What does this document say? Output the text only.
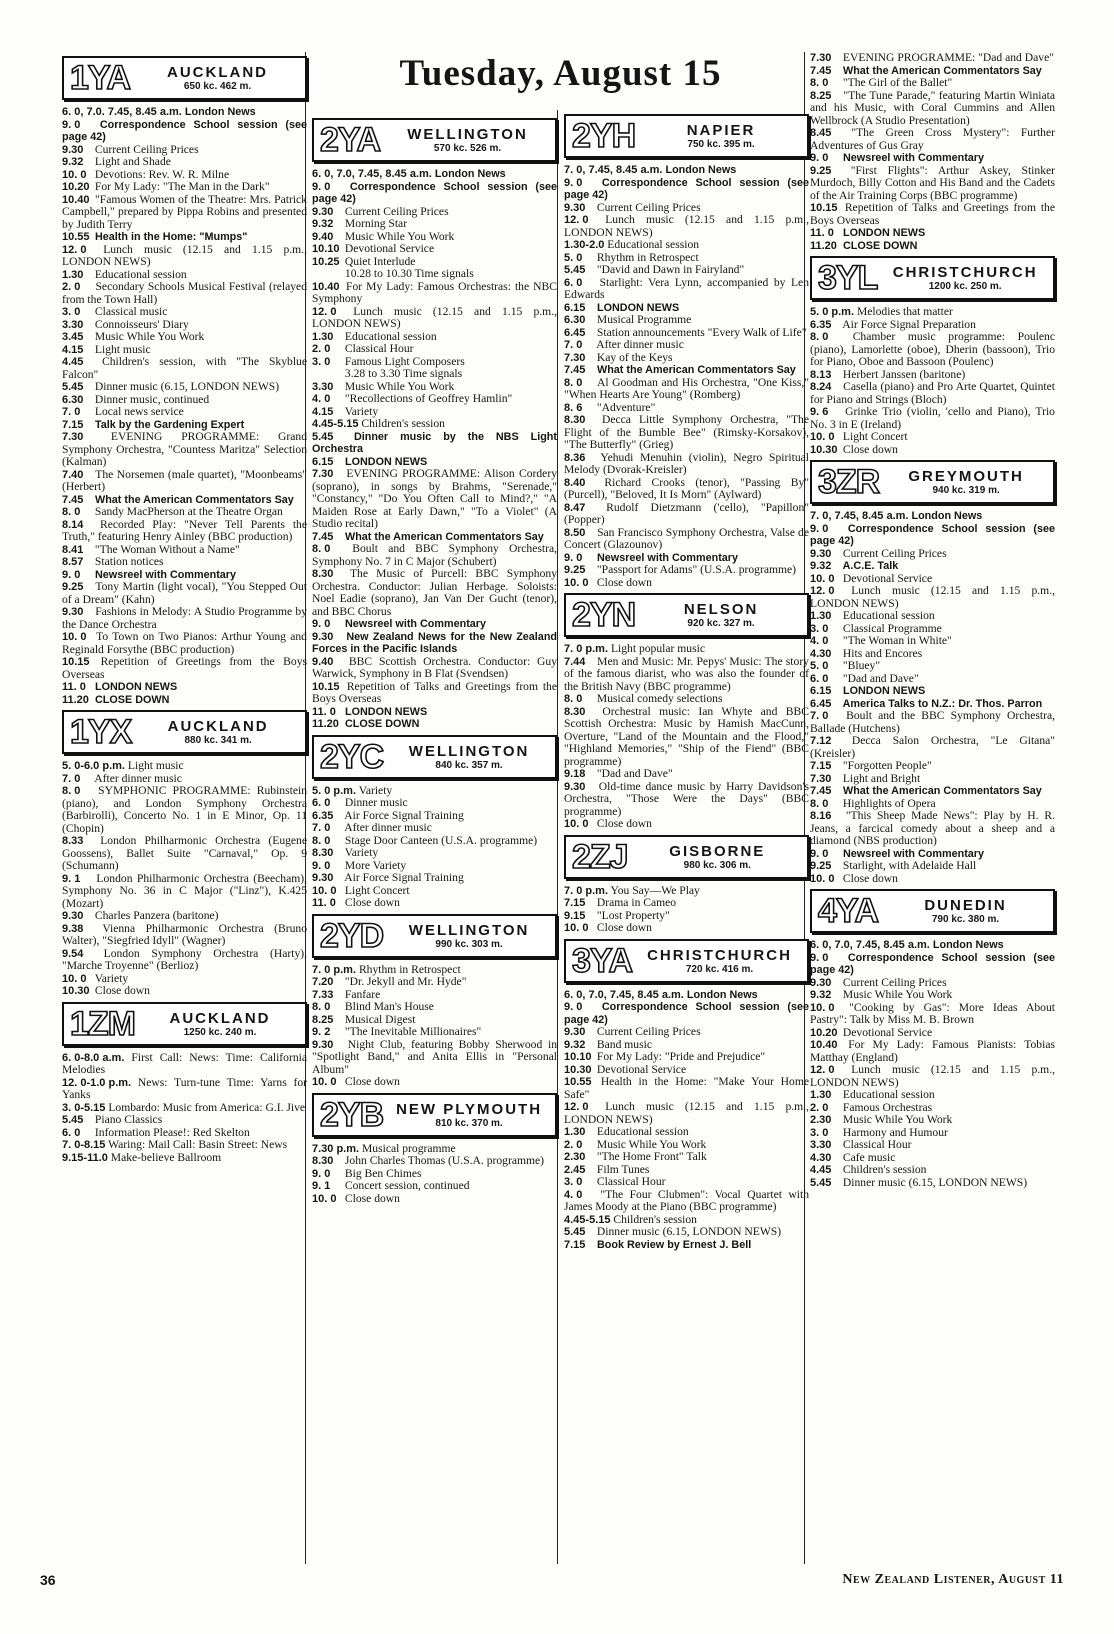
Tuesday, August 15
1YA	AUCKLAND
650 kc. 462 m.

6. 0, 7.0. 7.45, 8.45 a.m. London News

9. 0 Correspondence School session (see page 42)

9.30 Current Ceiling Prices

9.32 Light and Shade

10. 0 Devotions: Rev. W. R. Milne

10.20 For My Lady: "The Man in the Dark"

10.40 "Famous Women of the Theatre: Mrs. Patrick Campbell," prepared by Pippa Robins and presented by Judith Terry

10.55 Health in the Home: "Mumps"

12. 0 Lunch music (12.15 and 1.15 p.m., LONDON NEWS)

1.30 Educational session

2. 0 Secondary Schools Musical Festival (relayed from the Town Hall)

3. 0 Classical music

3.30 Connoisseurs' Diary

3.45 Music While You Work

4.15 Light music

4.45 Children's session, with "The Skyblue Falcon"

5.45 Dinner music (6.15, LONDON NEWS)

6.30 Dinner music, continued

7. 0 Local news service

7.15 Talk by the Gardening Expert

7.30 EVENING PROGRAMME: Grand Symphony Orchestra, "Countess Maritza" Selection (Kalman)

7.40 The Norsemen (male quartet), "Moonbeams" (Herbert)

7.45 What the American Commentators Say

8. 0 Sandy MacPherson at the Theatre Organ

8.14 Recorded Play: "Never Tell Parents the Truth," featuring Henry Ainley (BBC production)

8.41 "The Woman Without a Name"

8.57 Station notices

9. 0 Newsreel with Commentary

9.25 Tony Martin (light vocal), "You Stepped Out of a Dream" (Kahn)

9.30 Fashions in Melody: A Studio Programme by the Dance Orchestra

10. 0 To Town on Two Pianos: Arthur Young and Reginald Forsythe (BBC production)

10.15 Repetition of Greetings from the Boys Overseas

11. 0 LONDON NEWS

11.20 CLOSE DOWN

1YX	AUCKLAND
880 kc. 341 m.

5. 0-6.0 p.m. Light music

7. 0 After dinner music

8. 0 SYMPHONIC PROGRAMME: Rubinstein (piano), and London Symphony Orchestra (Barbirolli), Concerto No. 1 in E Minor, Op. 11 (Chopin)

8.33 London Philharmonic Orchestra (Eugene Goossens), Ballet Suite "Carnaval," Op. 9 (Schumann)

9. 1 London Philharmonic Orchestra (Beecham), Symphony No. 36 in C Major ("Linz"), K.425 (Mozart)

9.30 Charles Panzera (baritone)

9.38 Vienna Philharmonic Orchestra (Bruno Walter), "Siegfried Idyll" (Wagner)

9.54 London Symphony Orchestra (Harty), "Marche Troyenne" (Berlioz)

10. 0 Variety

10.30 Close down

1ZM	AUCKLAND
1250 kc. 240 m.

6. 0-8.0 a.m. First Call: News: Time: California Melodies

12. 0-1.0 p.m. News: Turn-tune Time: Yarns for Yanks

3. 0-5.15 Lombardo: Music from America: G.I. Jive

5.45 Piano Classics

6. 0 Information Please!: Red Skelton

7. 0-8.15 Waring: Mail Call: Basin Street: News

9.15-11.0 Make-believe Ballroom

2YA	WELLINGTON
570 kc. 526 m.

6. 0, 7.0, 7.45, 8.45 a.m. London News

9. 0 Correspondence School session (see page 42)

9.30 Current Ceiling Prices

9.32 Morning Star

9.40 Music While You Work

10.10 Devotional Service

10.25 Quiet Interlude

10.28 to 10.30 Time signals

10.40 For My Lady: Famous Orchestras: the NBC Symphony

12. 0 Lunch music (12.15 and 1.15 p.m., LONDON NEWS)

1.30 Educational session

2. 0 Classical Hour

3. 0 Famous Light Composers

3.28 to 3.30 Time signals

3.30 Music While You Work

4. 0 "Recollections of Geoffrey Hamlin"

4.15 Variety

4.45-5.15 Children's session

5.45 Dinner music by the NBS Light Orchestra

6.15 LONDON NEWS

7.30 EVENING PROGRAMME: Alison Cordery (soprano), in songs by Brahms, "Serenade," "Constancy," "Do You Often Call to Mind?," "A Maiden Rose at Early Dawn," "To a Violet" (A Studio recital)

7.45 What the American Commentators Say

8. 0 Boult and BBC Symphony Orchestra, Symphony No. 7 in C Major (Schubert)

8.30 The Music of Purcell: BBC Symphony Orchestra. Conductor: Julian Herbage. Soloists: Noel Eadie (soprano), Jan Van Der Gucht (tenor), and BBC Chorus

9. 0 Newsreel with Commentary

9.30 New Zealand News for the New Zealand Forces in the Pacific Islands

9.40 BBC Scottish Orchestra. Conductor: Guy Warwick, Symphony in B Flat (Svendsen)

10.15 Repetition of Talks and Greetings from the Boys Overseas

11. 0 LONDON NEWS

11.20 CLOSE DOWN

2YC	WELLINGTON
840 kc. 357 m.

5. 0 p.m. Variety

6. 0 Dinner music

6.35 Air Force Signal Training

7. 0 After dinner music

8. 0 Stage Door Canteen (U.S.A. programme)

8.30 Variety

9. 0 More Variety

9.30 Air Force Signal Training

10. 0 Light Concert

11. 0 Close down

2YD	WELLINGTON
990 kc. 303 m.

7. 0 p.m. Rhythm in Retrospect

7.20 "Dr. Jekyll and Mr. Hyde"

7.33 Fanfare

8. 0 Blind Man's House

8.25 Musical Digest

9. 2 "The Inevitable Millionaires"

9.30 Night Club, featuring Bobby Sherwood in "Spotlight Band," and Anita Ellis in "Personal Album"

10. 0 Close down

2YB NEW PLYMOUTH
810 kc. 370 m.

7.30 p.m. Musical programme

8.30 John Charles Thomas (U.S.A. programme)

9. 0 Big Ben Chimes

9. 1 Concert session, continued

10. 0 Close down

2YH	NAPIER
750 kc. 395 m.

7. 0, 7.45, 8.45 a.m. London News

9. 0 Correspondence School session (see page 42)

9.30 Current Ceiling Prices

12. 0 Lunch music (12.15 and 1.15 p.m., LONDON NEWS)

1.30-2.0 Educational session

5. 0 Rhythm in Retrospect

5.45 "David and Dawn in Fairyland"

6. 0 Starlight: Vera Lynn, accompanied by Len Edwards

6.15 LONDON NEWS

6.30 Musical Programme

6.45 Station announcements "Every Walk of Life"

7. 0 After dinner music

7.30 Kay of the Keys

7.45 What the American Commentators Say

8. 0 Al Goodman and His Orchestra, "One Kiss," "When Hearts Are Young" (Romberg)

8. 6 "Adventure"

8.30 Decca Little Symphony Orchestra, "The Flight of the Bumble Bee" (Rimsky-Korsakov), "The Butterfly" (Grieg)

8.36 Yehudi Menuhin (violin), Negro Spiritual Melody (Dvorak-Kreisler)

8.40 Richard Crooks (tenor), "Passing By" (Purcell), "Beloved, It Is Morn" (Aylward)

8.47 Rudolf Dietzmann ('cello), "Papillon" (Popper)

8.50 San Francisco Symphony Orchestra, Valse de Concert (Glazounov)

9. 0 Newsreel with Commentary

9.25 "Passport for Adams" (U.S.A. programme)

10. 0 Close down

2YN	NELSON
920 kc. 327 m.

7. 0 p.m. Light popular music

7.44 Men and Music: Mr. Pepys' Music: The story of the famous diarist, who was also the founder of the British Navy (BBC programme)

8. 0 Musical comedy selections

8.30 Orchestral music: Ian Whyte and BBC Scottish Orchestra: Music by Hamish MacCunn, Overture, "Land of the Mountain and the Flood," "Highland Memories," "Ship of the Fiend" (BBC programme)

9.18 "Dad and Dave"

9.30 Old-time dance music by Harry Davidson's Orchestra, "Those Were the Days" (BBC programme)

10. 0 Close down

2ZJ	GISBORNE
980 kc. 306 m.

7. 0 p.m. You Say—We Play

7.15 Drama in Cameo

9.15 "Lost Property"

10. 0 Close down

3YA	CHRISTCHURCH
720 kc. 416 m.

6. 0, 7.0, 7.45, 8.45 a.m. London News

9. 0 Correspondence School session (see page 42)

9.30 Current Ceiling Prices

9.32 Band music

10.10 For My Lady: "Pride and Prejudice"

10.30 Devotional Service

10.55 Health in the Home: "Make Your Home Safe"

12. 0 Lunch music (12.15 and 1.15 p.m., LONDON NEWS)

1.30 Educational session

2. 0 Music While You Work

2.30 "The Home Front" Talk

2.45 Film Tunes

3. 0 Classical Hour

4. 0 "The Four Clubmen": Vocal Quartet with James Moody at the Piano (BBC programme)

4.45-5.15 Children's session

5.45 Dinner music (6.15, LONDON NEWS)

7.15 Book Review by Ernest J. Bell

7.30 EVENING PROGRAMME: "Dad and Dave"

7.45 What the American Commentators Say

8. 0 "The Girl of the Ballet"

8.25 "The Tune Parade," featuring Martin Winiata and his Music, with Coral Cummins and Allen Wellbrock (A Studio Presentation)

8.45 "The Green Cross Mystery": Further Adventures of Gus Gray

9. 0 Newsreel with Commentary

9.25 "First Flights": Arthur Askey, Stinker Murdoch, Billy Cotton and His Band and the Cadets of the Air Training Corps (BBC programme)

10.15 Repetition of Talks and Greetings from the Boys Overseas

11. 0 LONDON NEWS

11.20 CLOSE DOWN

3YL	CHRISTCHURCH
1200 kc. 250 m.

5. 0 p.m. Melodies that matter

6.35 Air Force Signal Preparation

8. 0 Chamber music programme: Poulenc (piano), Lamorlette (oboe), Dherin (bassoon), Trio for Piano, Oboe and Bassoon (Poulenc)

8.13 Herbert Janssen (baritone)

8.24 Casella (piano) and Pro Arte Quartet, Quintet for Piano and Strings (Bloch)

9. 6 Grinke Trio (violin, 'cello and Piano), Trio No. 3 in E (Ireland)

10. 0 Light Concert

10.30 Close down

3ZR	GREYMOUTH
940 kc. 319 m.

7. 0, 7.45, 8.45 a.m. London News

9. 0 Correspondence School session (see page 42)

9.30 Current Ceiling Prices

9.32 A.C.E. Talk

10. 0 Devotional Service

12. 0 Lunch music (12.15 and 1.15 p.m., LONDON NEWS)

1.30 Educational session

3. 0 Classical Programme

4. 0 "The Woman in White"

4.30 Hits and Encores

5. 0 "Bluey"

6. 0 "Dad and Dave"

6.15 LONDON NEWS

6.45 America Talks to N.Z.: Dr. Thos. Parron

7. 0 Boult and the BBC Symphony Orchestra, Ballade (Hutchens)

7.12 Decca Salon Orchestra, "Le Gitana" (Kreisler)

7.15 "Forgotten People"

7.30 Light and Bright

7.45 What the American Commentators Say

8. 0 Highlights of Opera

8.16 "This Sheep Made News": Play by H. R. Jeans, a farcical comedy about a sheep and a diamond (NBS production)

9. 0 Newsreel with Commentary

9.25 Starlight, with Adelaide Hall

10. 0 Close down

4YA	DUNEDIN
790 kc. 380 m.

6. 0, 7.0, 7.45, 8.45 a.m. London News

9. 0 Correspondence School session (see page 42)

9.30 Current Ceiling Prices

9.32 Music While You Work

10. 0 "Cooking by Gas": More Ideas About Pastry": Talk by Miss M. B. Brown

10.20 Devotional Service

10.40 For My Lady: Famous Pianists: Tobias Matthay (England)

12. 0 Lunch music (12.15 and 1.15 p.m., LONDON NEWS)

1.30 Educational session

2. 0 Famous Orchestras

2.30 Music While You Work

3. 0 Harmony and Humour

3.30 Classical Hour

4.30 Cafe music

4.45 Children's session

5.45 Dinner music (6.15, LONDON NEWS)

36	New Zealand Listener, August 11
